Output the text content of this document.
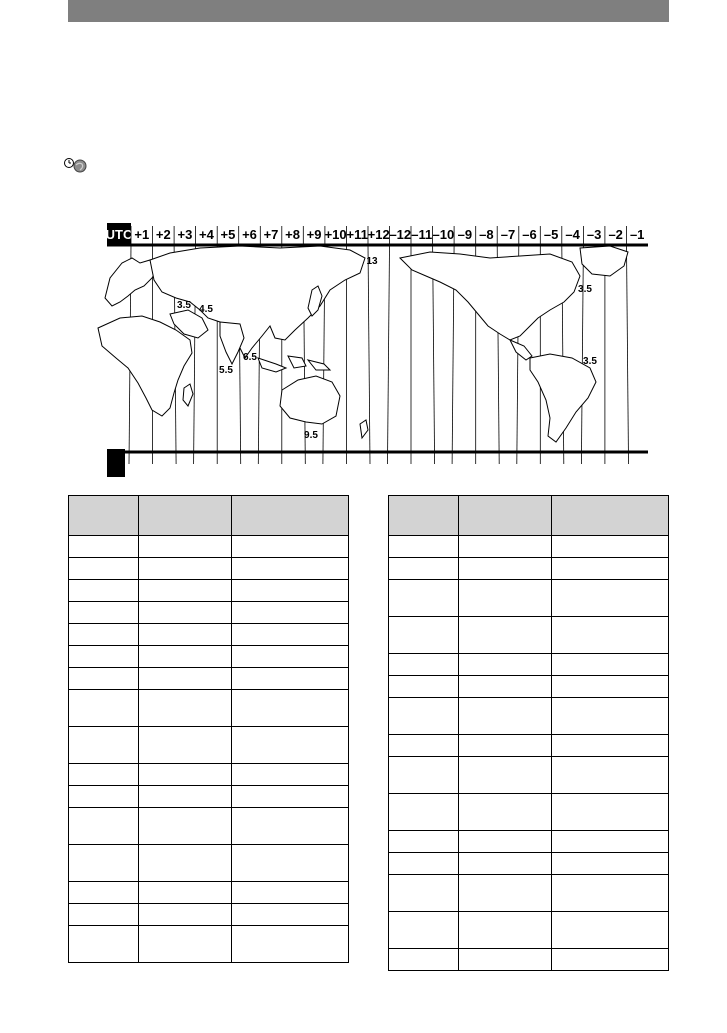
UTC +1 +2 +3 +4 +5 +6 +7 +8 +9 +10 +11 +12 –12 –11 –10 –9 –8 –7 –6 –5 –4 –3 –2 –1
3.5 4.5
5.5
6.5
9.5
13
3.5
3.5
